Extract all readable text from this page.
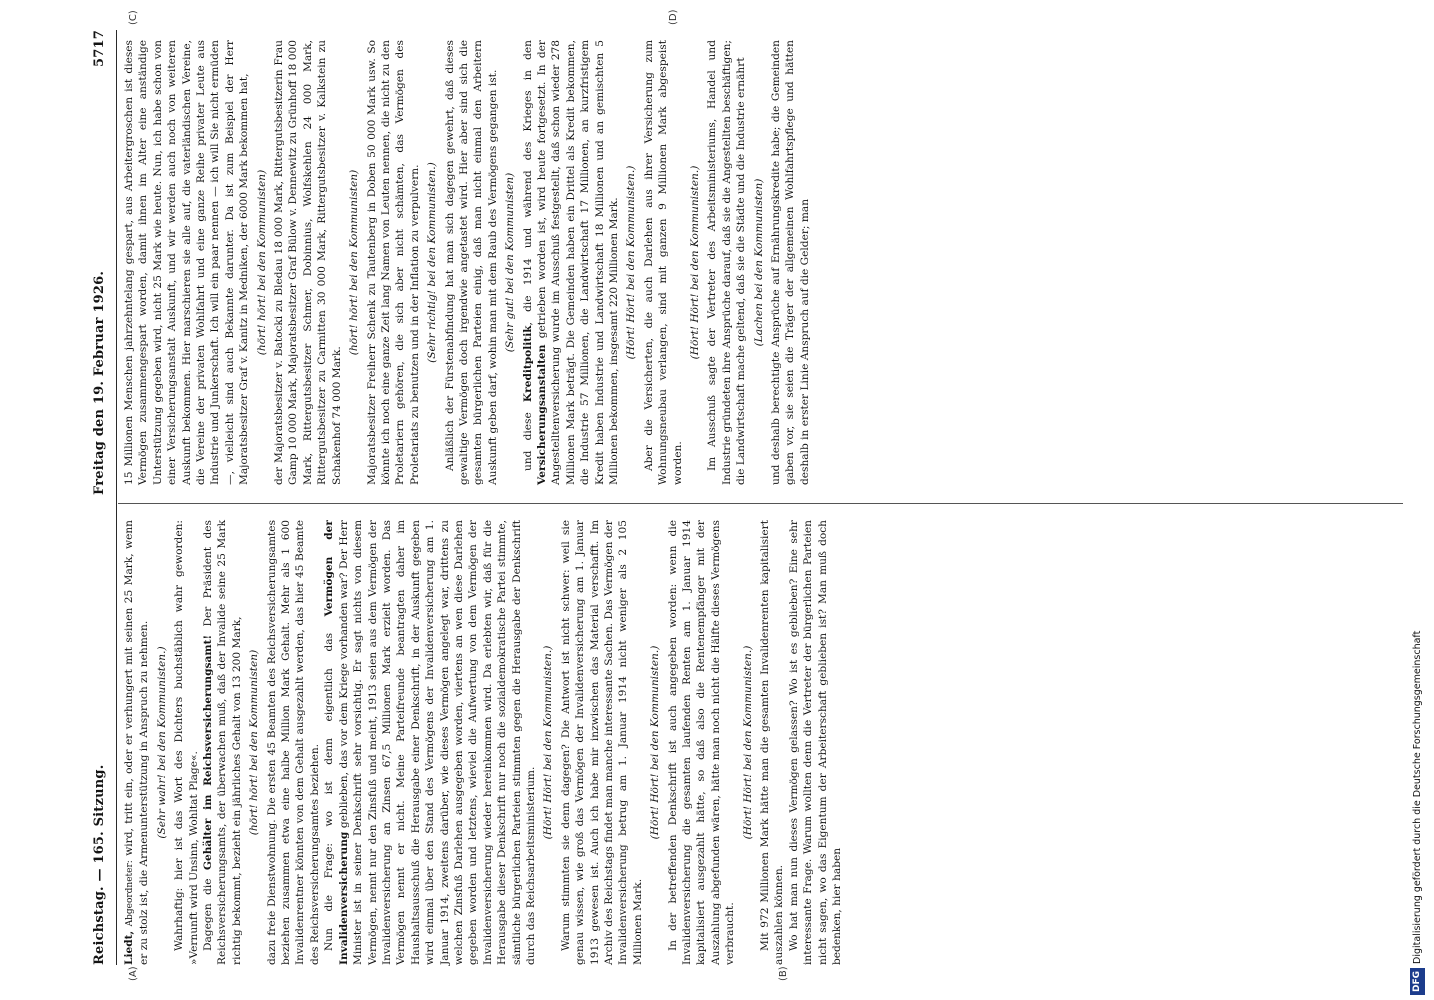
Reichstag. — 165. Sitzung.
Freitag den 19. Februar 1926.
5717
(A)	(B)
(C)	(D)

Liedt, Abgeordneter: wird, tritt ein, oder er verhungert mit seinen 25 Mark, wenn er zu stolz ist, die Armenunterstützung in Anspruch zu nehmen. (Sehr wahr! bei den Kommunisten.) Wahrhaftig: hier ist das Wort des Dichters buchstäblich wahr geworden: »Vernunft wird Unsinn, Wohltat Plage«. Dagegen die Gehälter im Reichsversicherungsamt! Der Präsident des Reichsversicherungsamts, der überwachen muß, daß der Invalide seine 25 Mark richtig bekommt, bezieht ein jährliches Gehalt von 13 200 Mark, (hört! hört! bei den Kommunisten) dazu freie Dienstwohnung. Die ersten 45 Beamten des Reichsversicherungsamtes beziehen zusammen etwa eine halbe Million Mark Gehalt. Mehr als 1 600 Invalidenrentner könnten von dem Gehalt ausgezahlt werden, das hier 45 Beamte des Reichsversicherungsamtes beziehen. Nun die Frage: wo ist denn eigentlich das Vermögen der Invalidenversicherung geblieben, das vor dem Kriege vorhanden war? Der Herr Minister ist in seiner Denkschrift sehr vorsichtig. Er sagt nichts von diesem Vermögen, nennt nur den Zinsfuß und meint, 1913 seien aus dem Vermögen der Invalidenversicherung an Zinsen 67,5 Millionen Mark erzielt worden. Das Vermögen nennt er nicht. Meine Parteifreunde beantragten daher im Haushaltsausschuß die Herausgabe einer Denkschrift, in der Auskunft gegeben wird einmal über den Stand des Vermögens der Invalidenversicherung am 1. Januar 1914, zweitens darüber, wie dieses Vermögen angelegt war, drittens zu welchen Zinsfuß Darlehen ausgegeben worden, viertens an wen diese Darlehen gegeben worden und letztens, wieviel die Aufwertung von dem Vermögen der Invalidenversicherung wieder hereinkommen wird. Da erlebten wir, daß für die Herausgabe dieser Denkschrift nur noch die sozialdemokratische Partei stimmte, sämtliche bürgerlichen Parteien stimmten gegen die Herausgabe der Denkschrift durch das Reichsarbeitsministerium.

(Hört! Hört! bei den Kommunisten.) Warum stimmten sie denn dagegen? Die Antwort ist nicht schwer: weil sie genau wissen, wie groß das Vermögen der Invalidenversicherung am 1. Januar 1913 gewesen ist. Auch ich habe mir inzwischen das Material verschafft. Im Archiv des Reichstags findet man manche interessante Sachen. Das Vermögen der Invalidenversicherung betrug am 1. Januar 1914 nicht weniger als 2 105 Millionen Mark.

(Hört! Hört! bei den Kommunisten.) In der betreffenden Denkschrift ist auch angegeben worden: wenn die Invalidenversicherung die gesamten laufenden Renten am 1. Januar 1914 kapitalisiert ausgezahlt hätte, so daß also die Rentenempfänger mit der Auszahlung abgefunden wären, hätte man noch nicht die Hälfte dieses Vermögens verbraucht.

(Hört! Hört! bei den Kommunisten.) Mit 972 Millionen Mark hätte man die gesamten Invalidenrenten kapitalisiert auszahlen können. Wo hat man nun dieses Vermögen gelassen? Wo ist es geblieben? Eine sehr interessante Frage. Warum wollten denn die Vertreter der bürgerlichen Parteien nicht sagen, wo das Eigentum der Arbeiterschaft geblieben ist? Man muß doch bedenken, hier haben

15 Millionen Menschen jahrzehntelang gespart, aus Arbeitergroschen ist dieses Vermögen zusammengespart worden, damit ihnen im Alter eine anständige Unterstützung gegeben wird, nicht 25 Mark wie heute. Nun, ich habe schon von einer Versicherungsanstalt Auskunft, und wir werden auch noch von weiteren Auskunft bekommen. Hier marschieren sie alle auf, die vaterländischen Vereine, die Vereine der privaten Wohlfahrt und eine ganze Reihe privater Leute aus Industrie und Junkerschaft. Ich will ein paar nennen — ich will Sie nicht ermüden —, vielleicht sind auch Bekannte darunter. Da ist zum Beispiel der Herr Majoratsbesitzer Graf v. Kanitz in Medniken, der 6000 Mark bekommen hat, (hört! hört! bei den Kommunisten) der Majoratsbesitzer v. Batocki zu Bledau 18 000 Mark, Rittergutsbesitzerin Frau Gamp 10 000 Mark, Majoratsbesitzer Graf Bülow v. Dennewitz zu Grünhoff 18 000 Mark, Rittergutsbesitzer Schmer, Dobinnius, Wolfskehlen 24 000 Mark, Rittergutsbesitzer zu Carmitten 30 000 Mark, Rittergutsbesitzer v. Kalkstein zu Schakenhof 74 000 Mark.

(hört! hört! bei den Kommunisten) Majoratsbesitzer Freiherr Schenk zu Tautenberg in Doben 50 000 Mark usw. So könnte ich noch eine ganze Zeit lang Namen von Leuten nennen, die nicht zu den Proletariern gehören, die sich aber nicht schämten, das Vermögen des Proletariats zu benutzen und in der Inflation zu verpulvern. (Sehr richtig! bei den Kommunisten.) Anläßlich der Fürstenabfindung hat man sich dagegen gewehrt, daß dieses gewaltige Vermögen doch irgendwie angetastet wird. Hier aber sind sich die gesamten bürgerlichen Parteien einig, daß man nicht einmal den Arbeitern Auskunft geben darf, wohin man mit dem Raub des Vermögens gegangen ist. (Sehr gut! bei den Kommunisten)

und diese Kreditpolitik, die 1914 und während des Krieges in den Versicherungsanstalten getrieben worden ist, wird heute fortgesetzt. In der Angestelltenversicherung wurde im Ausschuß festgestellt, daß schon wieder 278 Millionen Mark beträgt. Die Gemeinden haben ein Drittel als Kredit bekommen, die Industrie 57 Millionen, die Landwirtschaft 17 Millionen, an kurzfristigem Kredit haben Industrie und Landwirtschaft 18 Millionen und an gemischten 5 Millionen bekommen, insgesamt 220 Millionen Mark. (Hört! Hört! bei den Kommunisten.) Aber die Versicherten, die auch Darlehen aus ihrer Versicherung zum Wohnungsneubau verlangen, sind mit ganzen 9 Millionen Mark abgespeist worden.

(Hört! Hört! bei den Kommunisten.) Im Ausschuß sagte der Vertreter des Arbeitsministeriums, Handel und Industrie gründeten ihre Ansprüche darauf, daß sie die Angestellten beschäftigen; die Landwirtschaft mache geltend, daß sie die Städte und die Industrie ernährt (Lachen bei den Kommunisten) und deshalb berechtigte Ansprüche auf Ernährungskredite habe; die Gemeinden gaben vor, sie seien die Träger der allgemeinen Wohlfahrtspflege und hätten deshalb in erster Linie Anspruch auf die Gelder; man

DFGDigitalisierung gefördert durch die Deutsche Forschungsgemeinschaft
